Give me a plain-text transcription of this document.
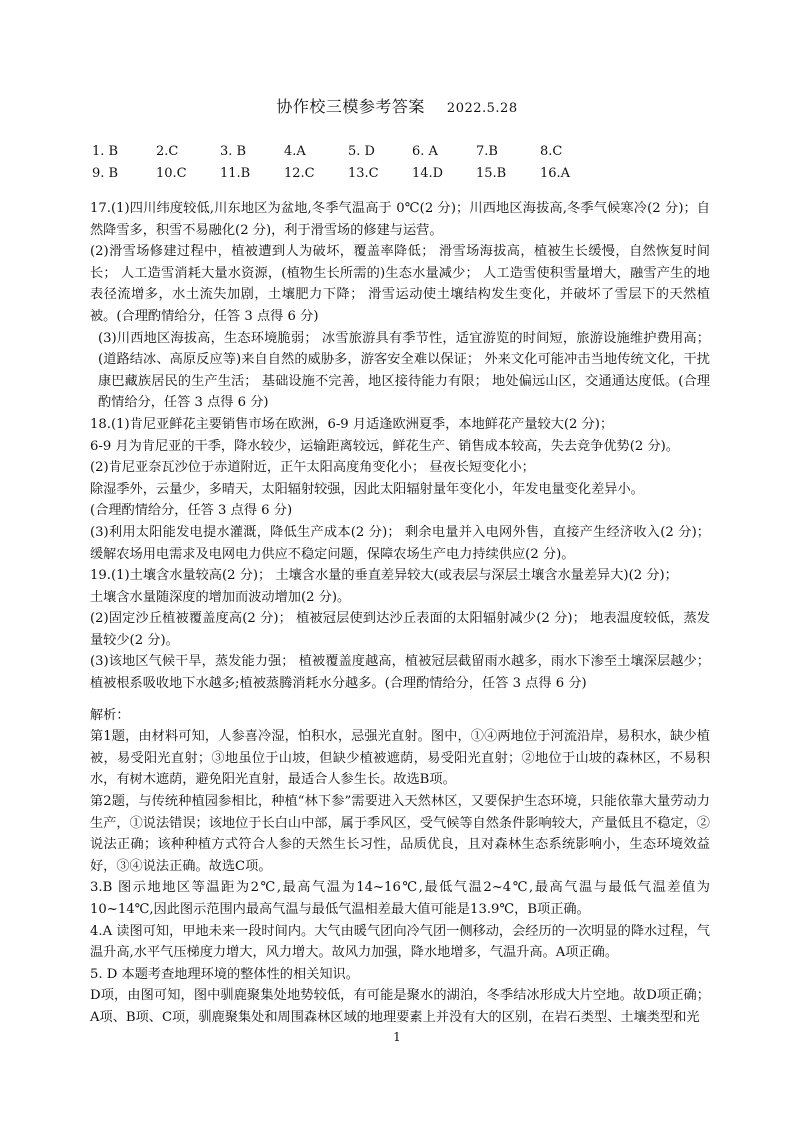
协作校三模参考答案 2022.5.28
1. B	2.C	3. B	4.A	5. D	6. A	7.B	8.C
9. B	10.C	11.B	12.C	13.C	14.D	15.B	16.A

17.(1)四川纬度较低,川东地区为盆地,冬季气温高于 0℃(2 分)；川西地区海拔高,冬季气候寒冷(2 分)；自然降雪多，积雪不易融化(2 分)，利于滑雪场的修建与运营。

(2)滑雪场修建过程中，植被遭到人为破坏，覆盖率降低； 滑雪场海拔高，植被生长缓慢，自然恢复时间长； 人工造雪消耗大量水资源，(植物生长所需的)生态水量减少； 人工造雪使积雪量增大，融雪产生的地表径流增多，水土流失加剧，土壤肥力下降； 滑雪运动使土壤结构发生变化，并破坏了雪层下的天然植被。(合理酌情给分，任答 3 点得 6 分)

(3)川西地区海拔高，生态环境脆弱； 冰雪旅游具有季节性，适宜游览的时间短，旅游设施维护费用高； (道路结冰、高原反应等)来自自然的威胁多，游客安全难以保证； 外来文化可能冲击当地传统文化，干扰康巴藏族居民的生产生活； 基础设施不完善，地区接待能力有限； 地处偏远山区，交通通达度低。(合理酌情给分，任答 3 点得 6 分)

18.(1)肯尼亚鲜花主要销售市场在欧洲，6-9 月适逢欧洲夏季，本地鲜花产量较大(2 分)；

6-9 月为肯尼亚的干季，降水较少，运输距离较远，鲜花生产、销售成本较高，失去竞争优势(2 分)。

(2)肯尼亚奈瓦沙位于赤道附近，正午太阳高度角变化小； 昼夜长短变化小；

除湿季外，云量少，多晴天，太阳辐射较强，因此太阳辐射量年变化小，年发电量变化差异小。

(合理酌情给分，任答 3 点得 6 分)

(3)利用太阳能发电提水灌溉，降低生产成本(2 分)； 剩余电量并入电网外售，直接产生经济收入(2 分)； 缓解农场用电需求及电网电力供应不稳定问题，保障农场生产电力持续供应(2 分)。

19.(1)土壤含水量较高(2 分)； 土壤含水量的垂直差异较大(或表层与深层土壤含水量差异大)(2 分)；

土壤含水量随深度的增加而波动增加(2 分)。

(2)固定沙丘植被覆盖度高(2 分)； 植被冠层使到达沙丘表面的太阳辐射减少(2 分)； 地表温度较低，蒸发量较少(2 分)。

(3)该地区气候干旱，蒸发能力强； 植被覆盖度越高，植被冠层截留雨水越多，雨水下渗至土壤深层越少； 植被根系吸收地下水越多;植被蒸腾消耗水分越多。(合理酌情给分，任答 3 点得 6 分)

解析：

第1题，由材料可知，人参喜冷湿，怕积水，忌强光直射。图中，①④两地位于河流沿岸，易积水，缺少植被，易受阳光直射；③地虽位于山坡，但缺少植被遮荫，易受阳光直射；②地位于山坡的森林区，不易积水，有树木遮荫，避免阳光直射，最适合人参生长。故选B项。

第2题，与传统种植园参相比，种植“林下参”需要进入天然林区，又要保护生态环境，只能依靠大量劳动力生产，①说法错误；该地位于长白山中部，属于季风区，受气候等自然条件影响较大，产量低且不稳定，②说法正确；该种种植方式符合人参的天然生长习性，品质优良，且对森林生态系统影响小，生态环境效益好，③④说法正确。故选C项。

3.B 图示地地区等温距为2℃,最高气温为14~16℃,最低气温2~4℃,最高气温与最低气温差值为10~14℃,因此图示范围内最高气温与最低气温相差最大值可能是13.9℃，B项正确。

4.A 读图可知，甲地未来一段时间内。大气由暖气团向冷气团一侧移动，会经历的一次明显的降水过程，气温升高,水平气压梯度力增大，风力增大。故风力加强，降水地增多，气温升高。A项正确。

5. D 本题考查地理环境的整体性的相关知识。

D项，由图可知，图中驯鹿聚集处地势较低，有可能是聚水的湖泊，冬季结冰形成大片空地。故D项正确；A项、B项、C项，驯鹿聚集处和周围森林区域的地理要素上并没有大的区别，在岩石类型、土壤类型和光

1
